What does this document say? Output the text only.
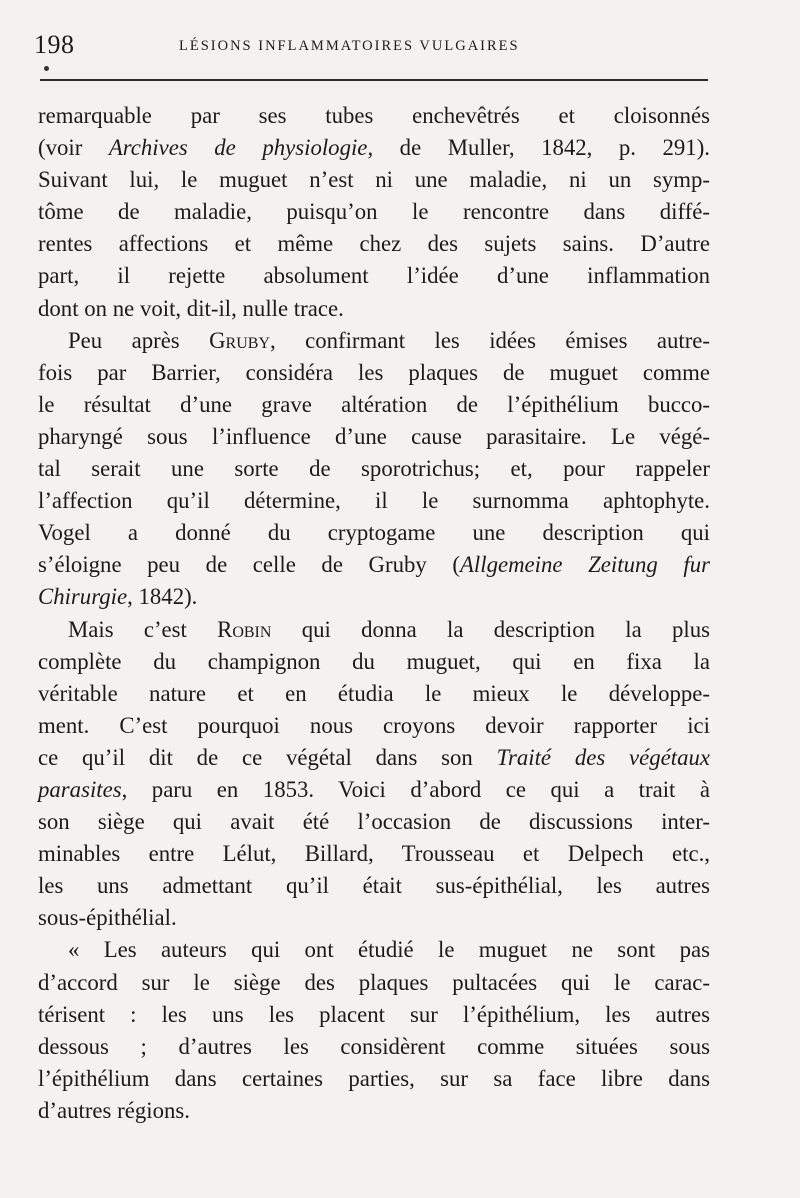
198	LÉSIONS INFLAMMATOIRES VULGAIRES
remarquable par ses tubes enchevêtrés et cloisonnés
(voir Archives de physiologie, de Muller, 1842, p. 291).
Suivant lui, le muguet n’est ni une maladie, ni un symp-
tôme de maladie, puisqu’on le rencontre dans diffé-
rentes affections et même chez des sujets sains. D’autre
part, il rejette absolument l’idée d’une inflammation
dont on ne voit, dit-il, nulle trace.
Peu après Gruby, confirmant les idées émises autre-
fois par Barrier, considéra les plaques de muguet comme
le résultat d’une grave altération de l’épithélium bucco-
pharyngé sous l’influence d’une cause parasitaire. Le végé-
tal serait une sorte de sporotrichus; et, pour rappeler
l’affection qu’il détermine, il le surnomma aphtophyte.
Vogel a donné du cryptogame une description qui
s’éloigne peu de celle de Gruby (Allgemeine Zeitung fur
Chirurgie, 1842).
Mais c’est Robin qui donna la description la plus
complète du champignon du muguet, qui en fixa la
véritable nature et en étudia le mieux le développe-
ment. C’est pourquoi nous croyons devoir rapporter ici
ce qu’il dit de ce végétal dans son Traité des végétaux
parasites, paru en 1853. Voici d’abord ce qui a trait à
son siège qui avait été l’occasion de discussions inter-
minables entre Lélut, Billard, Trousseau et Delpech etc.,
les uns admettant qu’il était sus-épithélial, les autres
sous-épithélial.
« Les auteurs qui ont étudié le muguet ne sont pas
d’accord sur le siège des plaques pultacées qui le carac-
térisent : les uns les placent sur l’épithélium, les autres
dessous ; d’autres les considèrent comme situées sous
l’épithélium dans certaines parties, sur sa face libre dans
d’autres régions.
